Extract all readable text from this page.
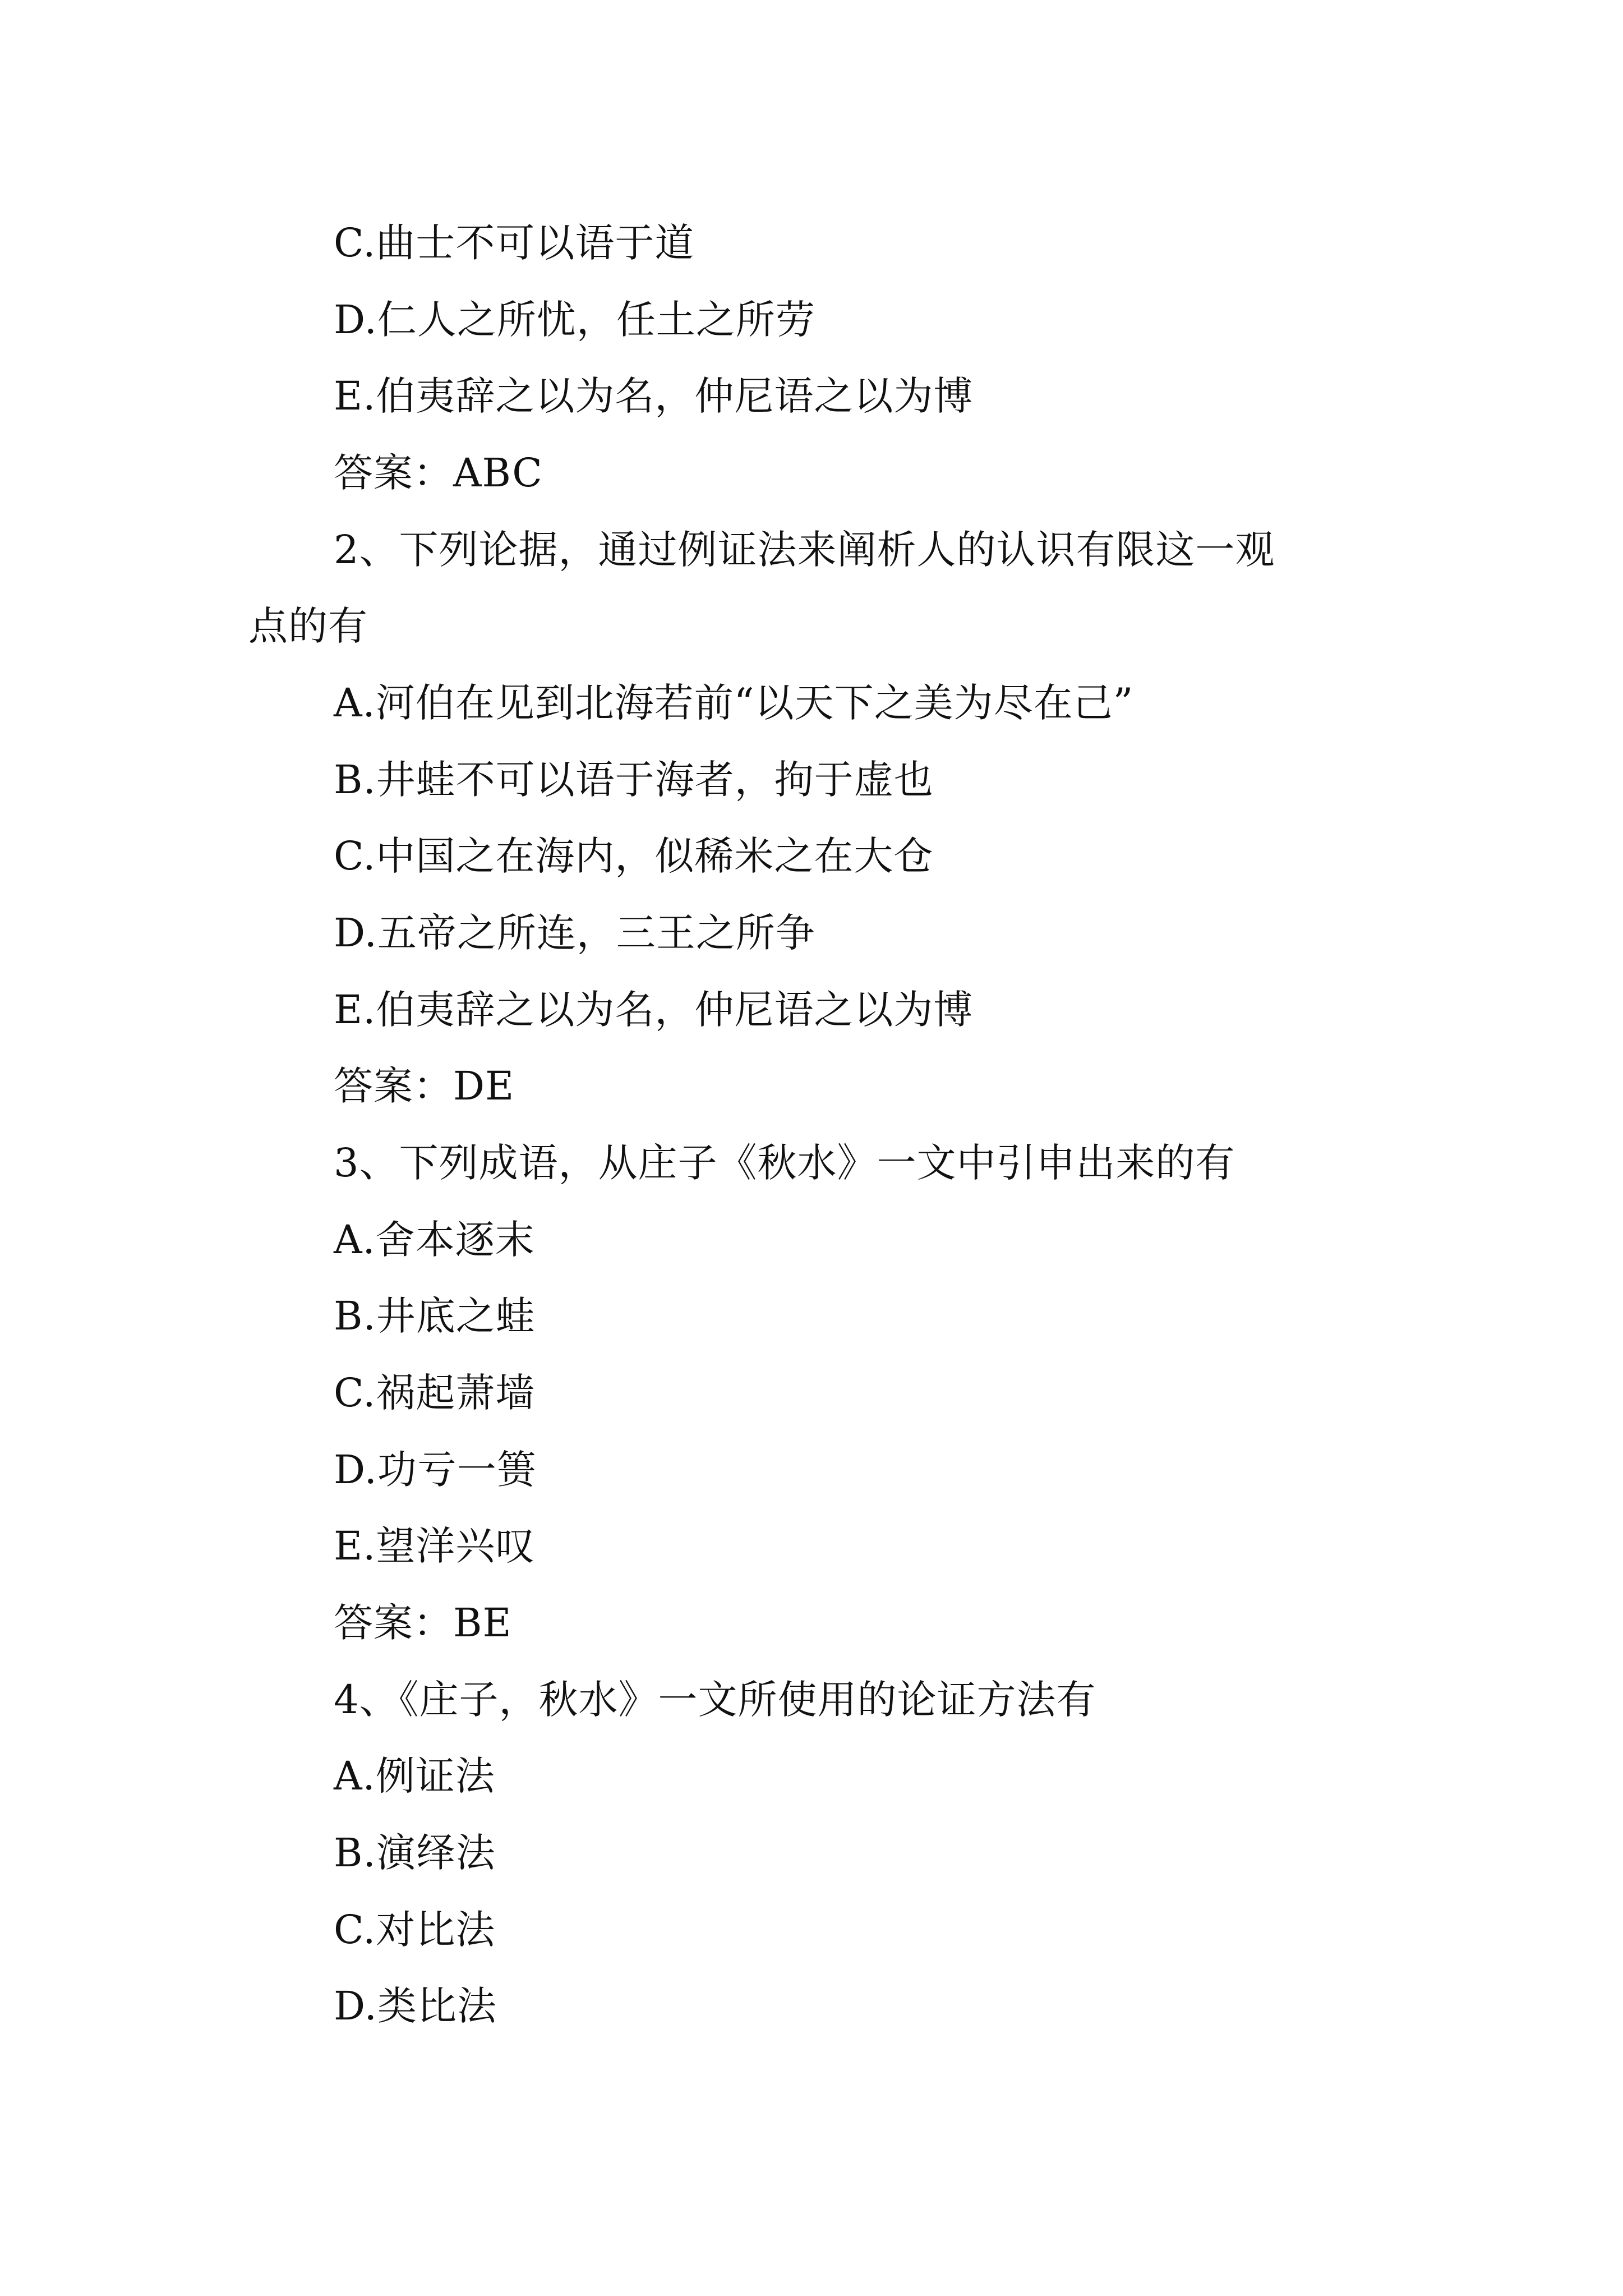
C.曲士不可以语于道
D.仁人之所忧，任土之所劳
E.伯夷辞之以为名，仲尼语之以为博
答案：ABC
2、下列论据，通过例证法来阐析人的认识有限这一观
点的有
A.河伯在见到北海若前“以天下之美为尽在己”
B.井蛙不可以语于海者，拘于虚也
C.中国之在海内，似稀米之在大仓
D.五帝之所连，三王之所争
E.伯夷辞之以为名，仲尼语之以为博
答案：DE
3、下列成语，从庄子《秋水》一文中引申出来的有
A.舍本逐末
B.井底之蛙
C.祸起萧墙
D.功亏一篑
E.望洋兴叹
答案：BE
4、《庄子，秋水》一文所使用的论证方法有
A.例证法
B.演绎法
C.对比法
D.类比法
